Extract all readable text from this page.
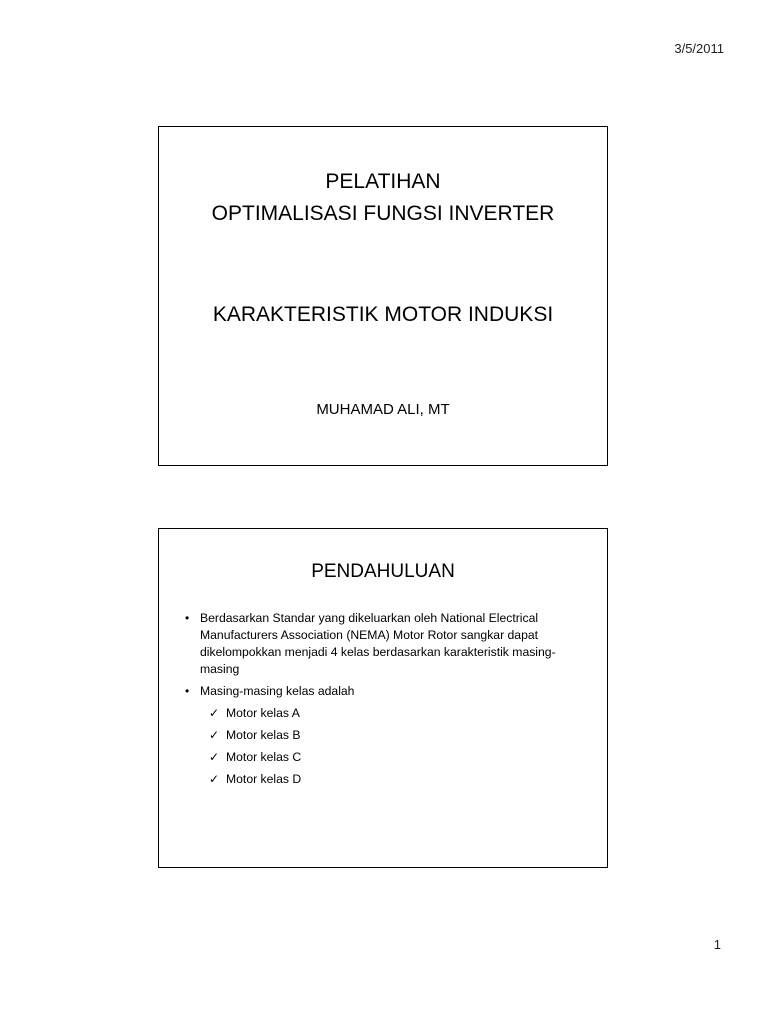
3/5/2011
PELATIHAN
OPTIMALISASI FUNGSI INVERTER
KARAKTERISTIK MOTOR INDUKSI
MUHAMAD ALI, MT
PENDAHULUAN
• Berdasarkan Standar yang dikeluarkan oleh National Electrical Manufacturers Association (NEMA) Motor Rotor sangkar dapat dikelompokkan menjadi 4 kelas berdasarkan karakteristik masing-masing
• Masing-masing kelas adalah
✓ Motor kelas A
✓ Motor kelas B
✓ Motor kelas C
✓ Motor kelas D
1
